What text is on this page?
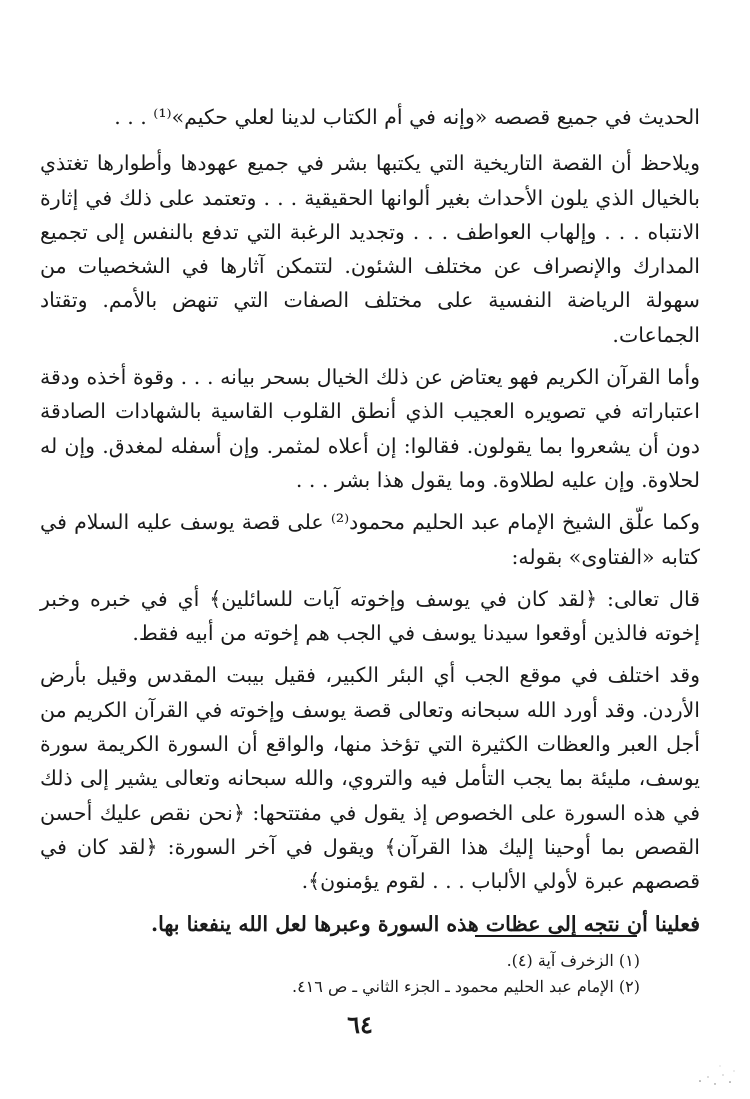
الحديث في جميع قصصه «وإنه في أم الكتاب لدينا لعلي حكيم»⁽¹⁾ . . .

ويلاحظ أن القصة التاريخية التي يكتبها بشر في جميع عهودها وأطوارها تغتذي بالخيال الذي يلون الأحداث بغير ألوانها الحقيقية . . . وتعتمد على ذلك في إثارة الانتباه . . . وإلهاب العواطف . . . وتجديد الرغبة التي تدفع بالنفس إلى تجميع المدارك والإنصراف عن مختلف الشئون. لتتمكن آثارها في الشخصيات من سهولة الرياضة النفسية على مختلف الصفات التي تنهض بالأمم. وتقتاد الجماعات.

وأما القرآن الكريم فهو يعتاض عن ذلك الخيال بسحر بيانه . . . وقوة أخذه ودقة اعتباراته في تصويره العجيب الذي أنطق القلوب القاسية بالشهادات الصادقة دون أن يشعروا بما يقولون. فقالوا: إن أعلاه لمثمر. وإن أسفله لمغدق. وإن له لحلاوة. وإن عليه لطلاوة. وما يقول هذا بشر . . .

وكما علّق الشيخ الإمام عبد الحليم محمود⁽²⁾ على قصة يوسف عليه السلام في كتابه «الفتاوى» بقوله:

قال تعالى: ﴿لقد كان في يوسف وإخوته آيات للسائلين﴾ أي في خبره وخبر إخوته فالذين أوقعوا سيدنا يوسف في الجب هم إخوته من أبيه فقط.

وقد اختلف في موقع الجب أي البئر الكبير، فقيل بيبت المقدس وقيل بأرض الأردن. وقد أورد الله سبحانه وتعالى قصة يوسف وإخوته في القرآن الكريم من أجل العبر والعظات الكثيرة التي تؤخذ منها، والواقع أن السورة الكريمة سورة يوسف، مليئة بما يجب التأمل فيه والتروي، والله سبحانه وتعالى يشير إلى ذلك في هذه السورة على الخصوص إذ يقول في مفتتحها: ﴿نحن نقص عليك أحسن القصص بما أوحينا إليك هذا القرآن﴾ ويقول في آخر السورة: ﴿لقد كان في قصصهم عبرة لأولي الألباب . . . لقوم يؤمنون﴾.

فعلينا أن نتجه إلى عظات هذه السورة وعبرها لعل الله ينفعنا بها.

(١) الزخرف آية (٤).
(٢) الإمام عبد الحليم محمود ـ الجزء الثاني ـ ص ٤١٦.
٦٤
